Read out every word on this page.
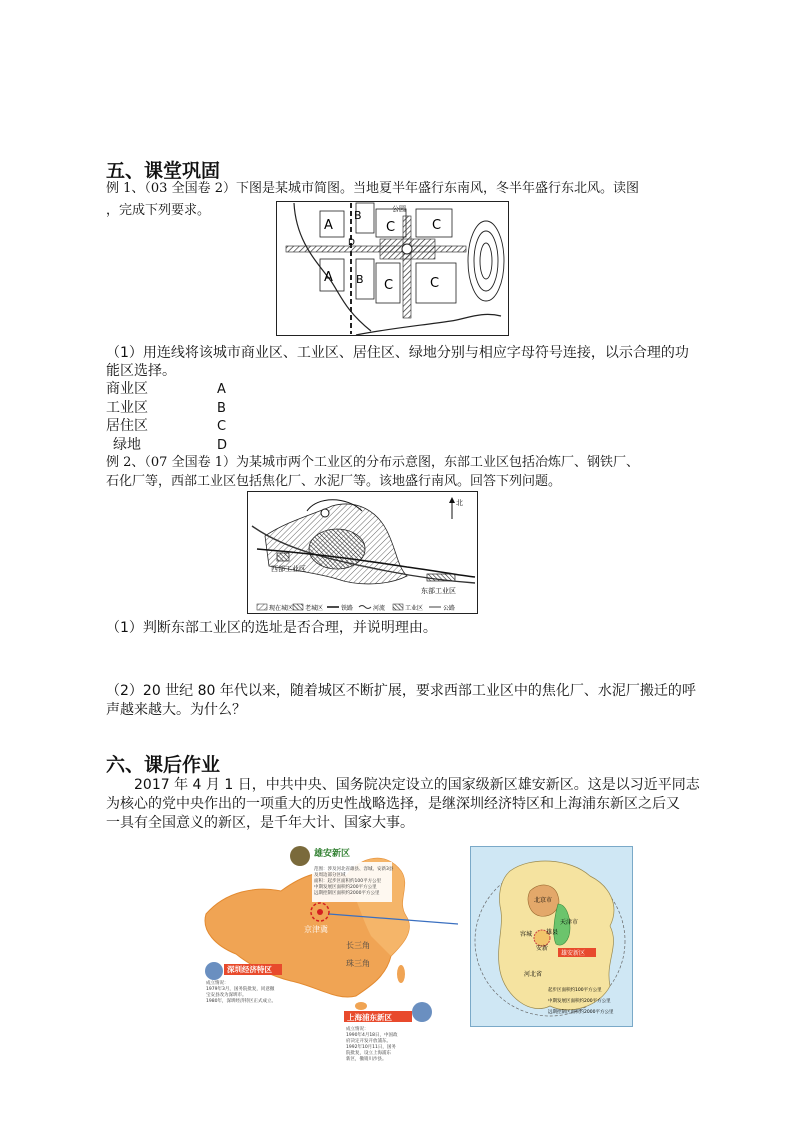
五、课堂巩固
例 1、（03 全国卷 2）下图是某城市简图。当地夏半年盛行东南风，冬半年盛行东北风。读图
，完成下列要求。	公园
A
B
C	C
D
A B C	C
（1）用连线将该城市商业区、工业区、居住区、绿地分别与相应字母符号连接，以示合理的功
能区选择。
商业区	A
工业区	B
居住区	C
绿地	D
例 2、（07 全国卷 1）为某城市两个工业区的分布示意图，东部工业区包括冶炼厂、钢铁厂、
石化厂等，西部工业区包括焦化厂、水泥厂等。该地盛行南风。回答下列问题。
北
西部工业区
东部工业区
现在城区 老城区	铁路	河流	工业区	公路
（1）判断东部工业区的选址是否合理，并说明理由。
（2）20 世纪 80 年代以来，随着城区不断扩展，要求西部工业区中的焦化厂、水泥厂搬迁的呼
声越来越大。为什么？
六、课后作业
2017 年 4 月 1 日，中共中央、国务院决定设立的国家级新区雄安新区。这是以习近平同志
为核心的党中央作出的一项重大的历史性战略选择，是继深圳经济特区和上海浦东新区之后又
一具有全国意义的新区，是千年大计、国家大事。
京津冀
长三角
珠三角
雄安新区
范围：涉及河北省雄县、容城、安新3县
及周边部分区域
面积：起步区面积约100平方公里
中期发展区面积约200平方公里
远期控制区面积约2000平方公里
深圳经济特区
成立情况：
1979年3月，国务院批复，同意撤
宝安县改为深圳市。
1980年，深圳经济特区正式成立。
上海浦东新区
成立情况：
1990年4月18日，中国政
府决定开发开放浦东。
1992年10月11日，国务
院批复，设立上海浦东
新区，撤销川沙县。
北京市
天津市
容城 雄县
安新
雄安新区
河北省
起步区面积约100平方公里
中期发展区面积约200平方公里
远期控制区面积约2000平方公里
